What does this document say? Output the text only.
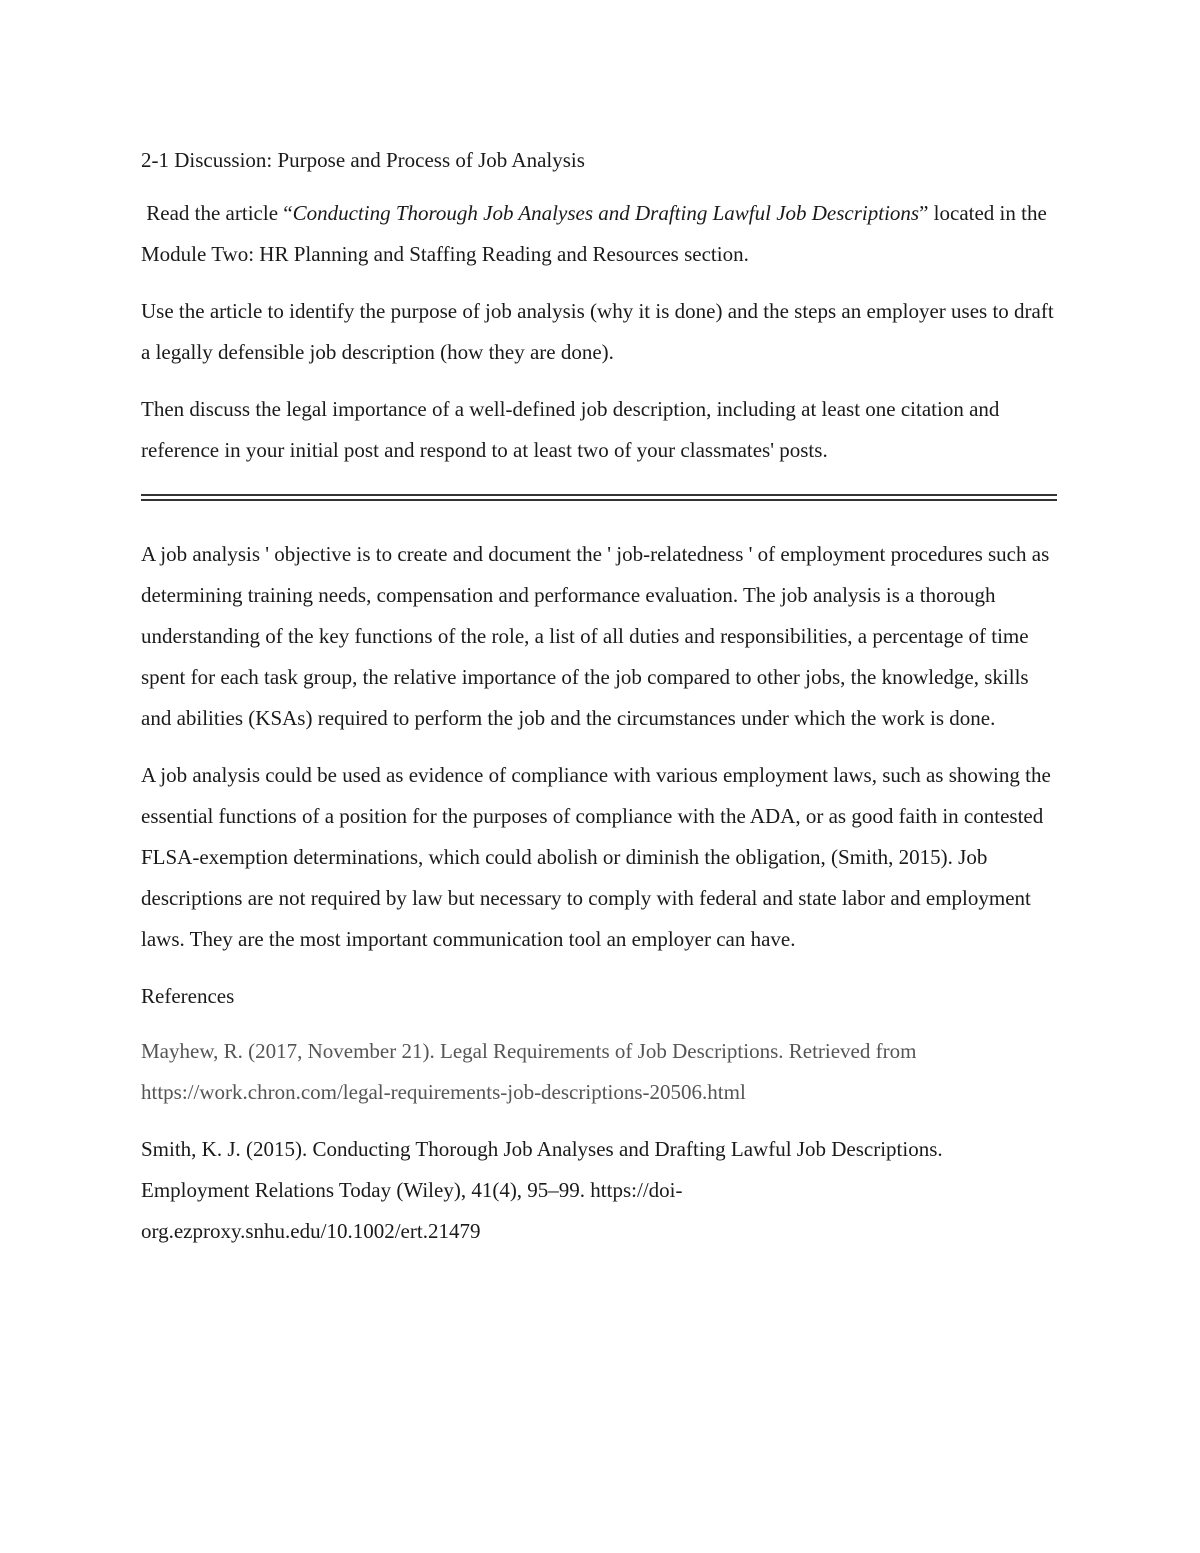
2-1 Discussion: Purpose and Process of Job Analysis

Read the article “Conducting Thorough Job Analyses and Drafting Lawful Job Descriptions” located in the Module Two: HR Planning and Staffing Reading and Resources section.

Use the article to identify the purpose of job analysis (why it is done) and the steps an employer uses to draft a legally defensible job description (how they are done).

Then discuss the legal importance of a well-defined job description, including at least one citation and reference in your initial post and respond to at least two of your classmates' posts.

A job analysis ' objective is to create and document the ' job-relatedness ' of employment procedures such as determining training needs, compensation and performance evaluation. The job analysis is a thorough understanding of the key functions of the role, a list of all duties and responsibilities, a percentage of time spent for each task group, the relative importance of the job compared to other jobs, the knowledge, skills and abilities (KSAs) required to perform the job and the circumstances under which the work is done.

A job analysis could be used as evidence of compliance with various employment laws, such as showing the essential functions of a position for the purposes of compliance with the ADA, or as good faith in contested FLSA-exemption determinations, which could abolish or diminish the obligation, (Smith, 2015). Job descriptions are not required by law but necessary to comply with federal and state labor and employment laws. They are the most important communication tool an employer can have.

References

Mayhew, R. (2017, November 21). Legal Requirements of Job Descriptions. Retrieved from
https://work.chron.com/legal-requirements-job-descriptions-20506.html

Smith, K. J. (2015). Conducting Thorough Job Analyses and Drafting Lawful Job Descriptions.
Employment Relations Today (Wiley), 41(4), 95–99. https://doi-
org.ezproxy.snhu.edu/10.1002/ert.21479
